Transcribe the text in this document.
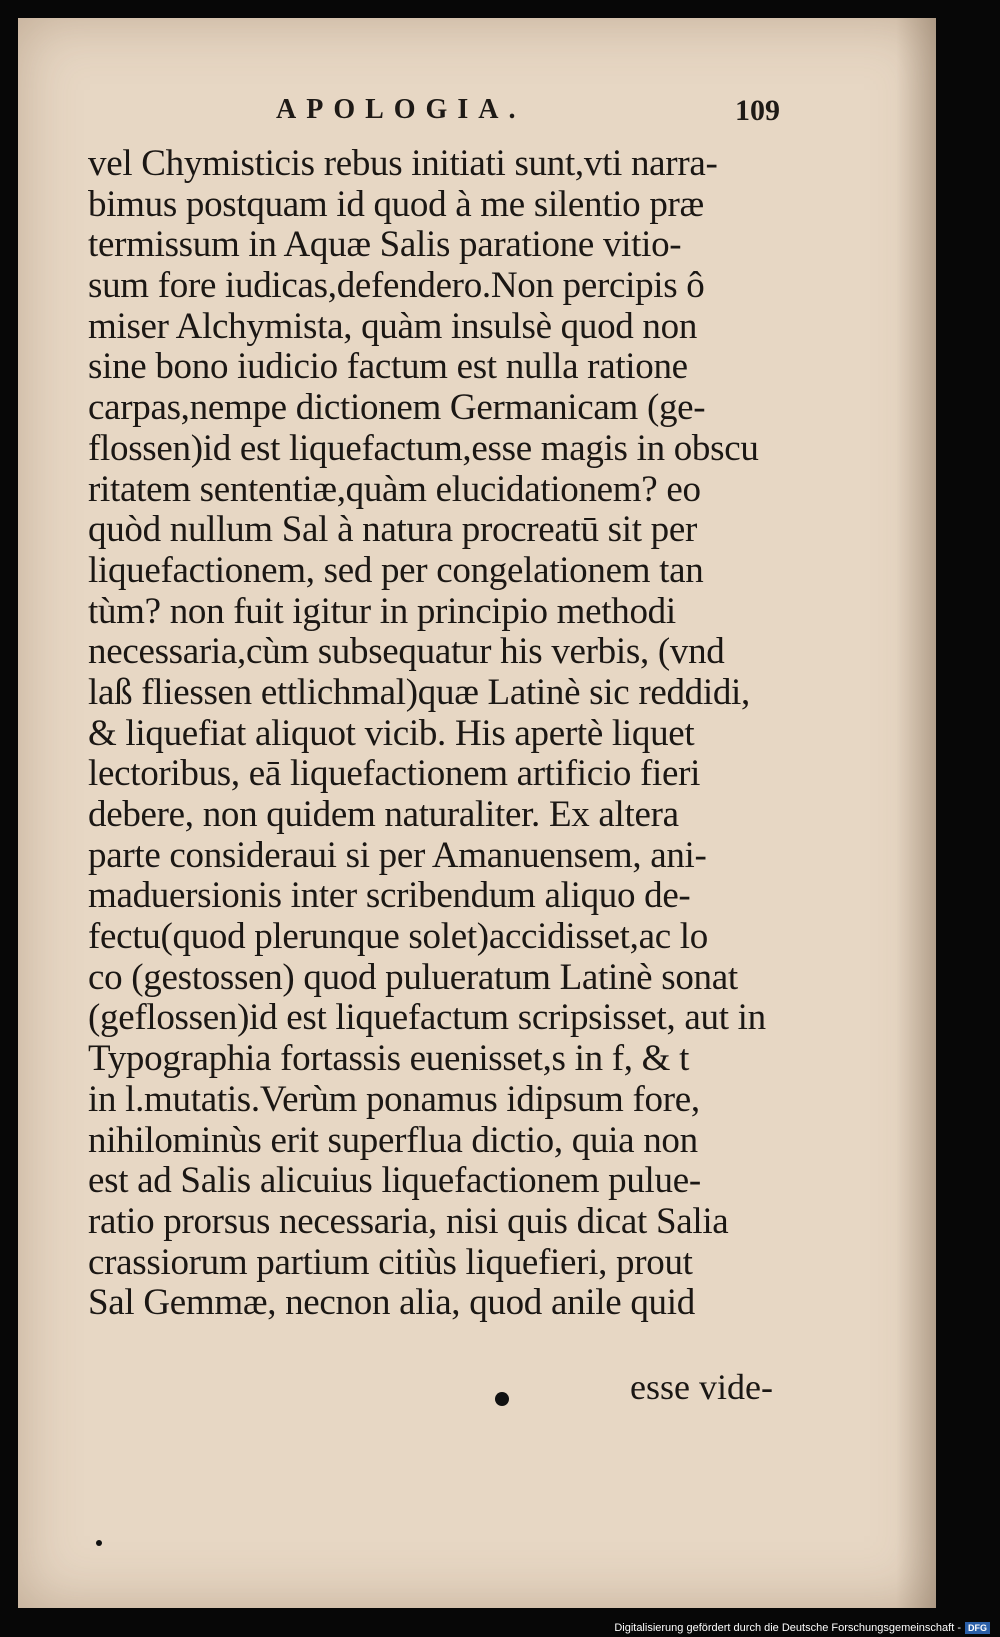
APOLOGIA.	109
vel Chymisticis rebus initiati sunt,vti narra-
bimus postquam id quod à me silentio præ
termissum in Aquæ Salis paratione vitio-
sum fore iudicas,defendero.Non percipis ô
miser Alchymista, quàm insulsè quod non
sine bono iudicio factum est nulla ratione
carpas,nempe dictionem Germanicam (ge-
flossen)id est liquefactum,esse magis in obscu
ritatem sententiæ,quàm elucidationem? eo
quòd nullum Sal à natura procreatū sit per
liquefactionem, sed per congelationem tan
tùm? non fuit igitur in principio methodi
necessaria,cùm subsequatur his verbis, (vnd
laß fliessen ettlichmal)quæ Latinè sic reddidi,
& liquefiat aliquot vicib. His apertè liquet
lectoribus, eā liquefactionem artificio fieri
debere, non quidem naturaliter. Ex altera
parte consideraui si per Amanuensem, ani-
maduersionis inter scribendum aliquo de-
fectu(quod plerunque solet)accidisset,ac lo
co (gestossen) quod pulueratum Latinè sonat
(geflossen)id est liquefactum scripsisset, aut in
Typographia fortassis euenisset,s in f, & t
in l.mutatis.Verùm ponamus idipsum fore,
nihilominùs erit superflua dictio, quia non
est ad Salis alicuius liquefactionem pulue-
ratio prorsus necessaria, nisi quis dicat Salia
crassiorum partium citiùs liquefieri, prout
Sal Gemmæ, necnon alia, quod anile quid
esse vide-
Digitalisierung gefördert durch die Deutsche Forschungsgemeinschaft - DFG
